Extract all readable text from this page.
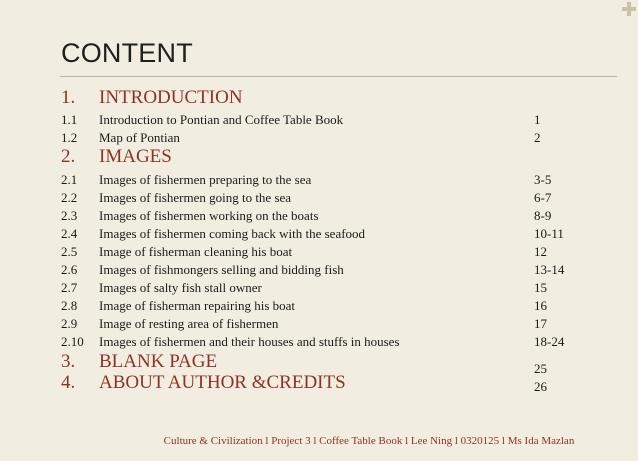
CONTENT
1. INTRODUCTION
1.1 Introduction to Pontian and Coffee Table Book	1
1.2 Map of Pontian	2
2. IMAGES
2.1 Images of fishermen preparing to the sea	3-5
2.2 Images of fishermen going to the sea	6-7
2.3 Images of fishermen working on the boats	8-9
2.4 Images of fishermen coming back with the seafood	10-11
2.5 Image of fisherman cleaning his boat	12
2.6 Images of fishmongers selling and bidding fish	13-14
2.7 Images of salty fish stall owner	15
2.8 Image of fisherman repairing his boat	16
2.9 Image of resting area of fishermen	17
2.10 Images of fishermen and their houses and stuffs in houses	18-24
3. BLANK PAGE	25
4. ABOUT AUTHOR &CREDITS	26
Culture & Civilization l Project 3 l Coffee Table Book l Lee Ning l 0320125 l Ms Ida Mazlan
